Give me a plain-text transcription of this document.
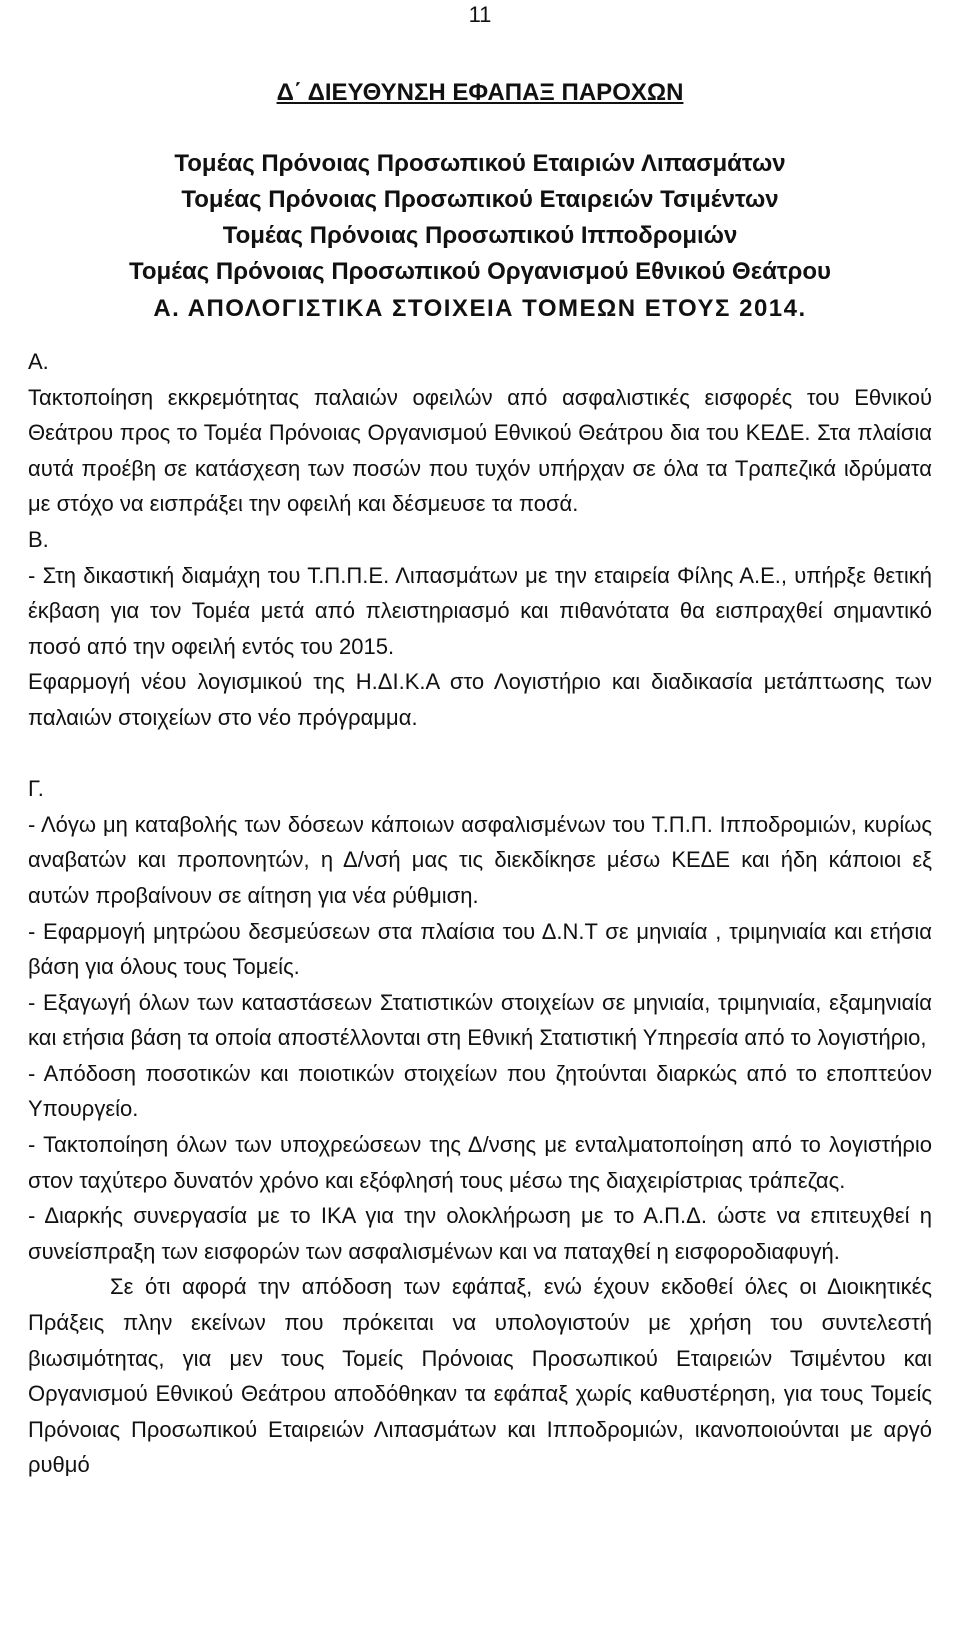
11
Δ΄ ΔΙΕΥΘΥΝΣΗ ΕΦΑΠΑΞ ΠΑΡΟΧΩΝ
Τομέας Πρόνοιας Προσωπικού Εταιριών Λιπασμάτων
Τομέας Πρόνοιας Προσωπικού Εταιρειών Τσιμέντων
Τομέας Πρόνοιας Προσωπικού Ιπποδρομιών
Τομέας Πρόνοιας Προσωπικού Οργανισμού Εθνικού Θεάτρου
Α. ΑΠΟΛΟΓΙΣΤΙΚΑ ΣΤΟΙΧΕΙΑ ΤΟΜΕΩΝ ΕΤΟΥΣ 2014.
Α.

Τακτοποίηση εκκρεμότητας παλαιών οφειλών από ασφαλιστικές εισφορές του Εθνικού Θεάτρου προς το Τομέα Πρόνοιας Οργανισμού Εθνικού Θεάτρου δια του ΚΕΔΕ. Στα πλαίσια αυτά προέβη σε κατάσχεση των ποσών που τυχόν υπήρχαν σε όλα τα Τραπεζικά ιδρύματα με στόχο να εισπράξει την οφειλή και δέσμευσε τα ποσά.

Β.

- Στη δικαστική διαμάχη του Τ.Π.Π.Ε. Λιπασμάτων με την εταιρεία Φίλης Α.Ε., υπήρξε θετική έκβαση για τον Τομέα μετά από πλειστηριασμό και πιθανότατα θα εισπραχθεί σημαντικό ποσό από την οφειλή εντός του 2015.

Εφαρμογή νέου λογισμικού της Η.ΔΙ.Κ.Α στο Λογιστήριο και διαδικασία μετάπτωσης των παλαιών στοιχείων στο νέο πρόγραμμα.

Γ.

- Λόγω μη καταβολής των δόσεων κάποιων ασφαλισμένων του Τ.Π.Π. Ιπποδρομιών, κυρίως αναβατών και προπονητών, η Δ/νσή μας τις διεκδίκησε μέσω ΚΕΔΕ και ήδη κάποιοι εξ αυτών προβαίνουν σε αίτηση για νέα ρύθμιση.

- Εφαρμογή μητρώου δεσμεύσεων στα πλαίσια του Δ.Ν.Τ σε μηνιαία , τριμηνιαία και ετήσια βάση για όλους τους Τομείς.

- Εξαγωγή όλων των καταστάσεων Στατιστικών στοιχείων σε μηνιαία, τριμηνιαία, εξαμηνιαία και ετήσια βάση τα οποία αποστέλλονται στη Εθνική Στατιστική Υπηρεσία από το λογιστήριο,

- Απόδοση ποσοτικών και ποιοτικών στοιχείων που ζητούνται διαρκώς από το εποπτεύον Υπουργείο.

- Τακτοποίηση όλων των υποχρεώσεων της Δ/νσης με ενταλματοποίηση από το λογιστήριο στον ταχύτερο δυνατόν χρόνο και εξόφλησή τους μέσω της διαχειρίστριας τράπεζας.

- Διαρκής συνεργασία με το ΙΚΑ για την ολοκλήρωση με το Α.Π.Δ. ώστε να επιτευχθεί η συνείσπραξη των εισφορών των ασφαλισμένων και να παταχθεί η εισφοροδιαφυγή.

Σε ότι αφορά την απόδοση των εφάπαξ, ενώ έχουν εκδοθεί όλες οι Διοικητικές Πράξεις πλην εκείνων που πρόκειται να υπολογιστούν με χρήση του συντελεστή βιωσιμότητας, για μεν τους Τομείς Πρόνοιας Προσωπικού Εταιρειών Τσιμέντου και Οργανισμού Εθνικού Θεάτρου αποδόθηκαν τα εφάπαξ χωρίς καθυστέρηση, για τους Τομείς Πρόνοιας Προσωπικού Εταιρειών Λιπασμάτων και Ιπποδρομιών, ικανοποιούνται με αργό ρυθμό
